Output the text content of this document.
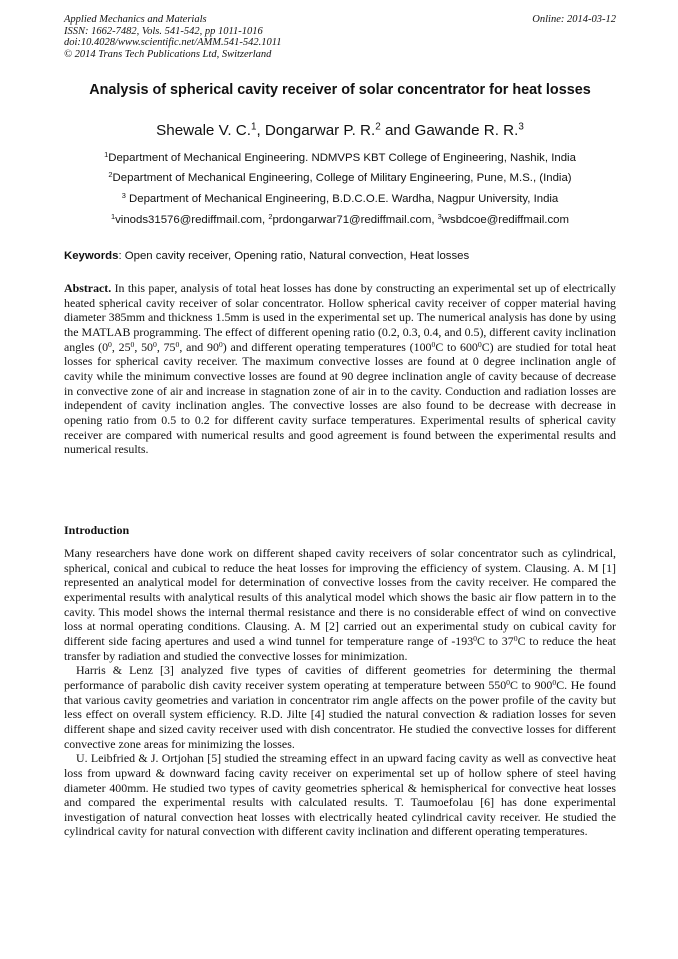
Applied Mechanics and Materials
ISSN: 1662-7482, Vols. 541-542, pp 1011-1016
doi:10.4028/www.scientific.net/AMM.541-542.1011
© 2014 Trans Tech Publications Ltd, Switzerland
Online: 2014-03-12
Analysis of spherical cavity receiver of solar concentrator for heat losses
Shewale V. C.$^1$, Dongarwar P. R.$^2$ and Gawande R. R.$^3$
$^1$Department of Mechanical Engineering. NDMVPS KBT College of Engineering, Nashik, India
$^2$Department of Mechanical Engineering, College of Military Engineering, Pune, M.S., (India)
$^3$ Department of Mechanical Engineering, B.D.C.O.E. Wardha, Nagpur University, India
$^1$vinods31576@rediffmail.com, $^2$prdongarwar71@rediffmail.com, $^3$wsbdcoe@rediffmail.com
Keywords: Open cavity receiver, Opening ratio, Natural convection, Heat losses

Abstract. In this paper, analysis of total heat losses has done by constructing an experimental set up of electrically heated spherical cavity receiver of solar concentrator. Hollow spherical cavity receiver of copper material having diameter 385mm and thickness 1.5mm is used in the experimental set up. The numerical analysis has done by using the MATLAB programming. The effect of different opening ratio (0.2, 0.3, 0.4, and 0.5), different cavity inclination angles ($0^0$, $25^0$, $50^0$, $75^0$, and $90^0$) and different operating temperatures ($100^0C$ to $600^0C$) are studied for total heat losses for spherical cavity receiver. The maximum convective losses are found at 0 degree inclination angle of cavity while the minimum convective losses are found at 90 degree inclination angle of cavity because of decrease in convective zone of air and increase in stagnation zone of air in to the cavity. Conduction and radiation losses are independent of cavity inclination angles. The convective losses are also found to be decrease with decrease in opening ratio from 0.5 to 0.2 for different cavity surface temperatures. Experimental results of spherical cavity receiver are compared with numerical results and good agreement is found between the experimental results and numerical results.

Introduction

Many researchers have done work on different shaped cavity receivers of solar concentrator such as cylindrical, spherical, conical and cubical to reduce the heat losses for improving the efficiency of system. Clausing. A. M [1] represented an analytical model for determination of convective losses from the cavity receiver. He compared the experimental results with analytical results of this analytical model which shows the basic air flow pattern in to the cavity. This model shows the internal thermal resistance and there is no considerable effect of wind on convective loss at normal operating conditions. Clausing. A. M [2] carried out an experimental study on cubical cavity for different side facing apertures and used a wind tunnel for temperature range of $-193^0C$ to $37^0C$ to reduce the heat transfer by radiation and studied the convective losses for minimization.

Harris & Lenz [3] analyzed five types of cavities of different geometries for determining the thermal performance of parabolic dish cavity receiver system operating at temperature between $550^0C$ to $900^0C$. He found that various cavity geometries and variation in concentrator rim angle affects on the power profile of the cavity but less effect on overall system efficiency. R.D. Jilte [4] studied the natural convection & radiation losses for seven different shape and sized cavity receiver used with dish concentrator. He studied the convective losses for different convective zone areas for minimizing the losses.

U. Leibfried & J. Ortjohan [5] studied the streaming effect in an upward facing cavity as well as convective heat loss from upward & downward facing cavity receiver on experimental set up of hollow sphere of steel having diameter 400mm. He studied two types of cavity geometries spherical & hemispherical for convective heat losses and compared the experimental results with calculated results. T. Taumoefolau [6] has done experimental investigation of natural convection heat losses with electrically heated cylindrical cavity receiver. He studied the cylindrical cavity for natural convection with different cavity inclination and different operating temperatures.
